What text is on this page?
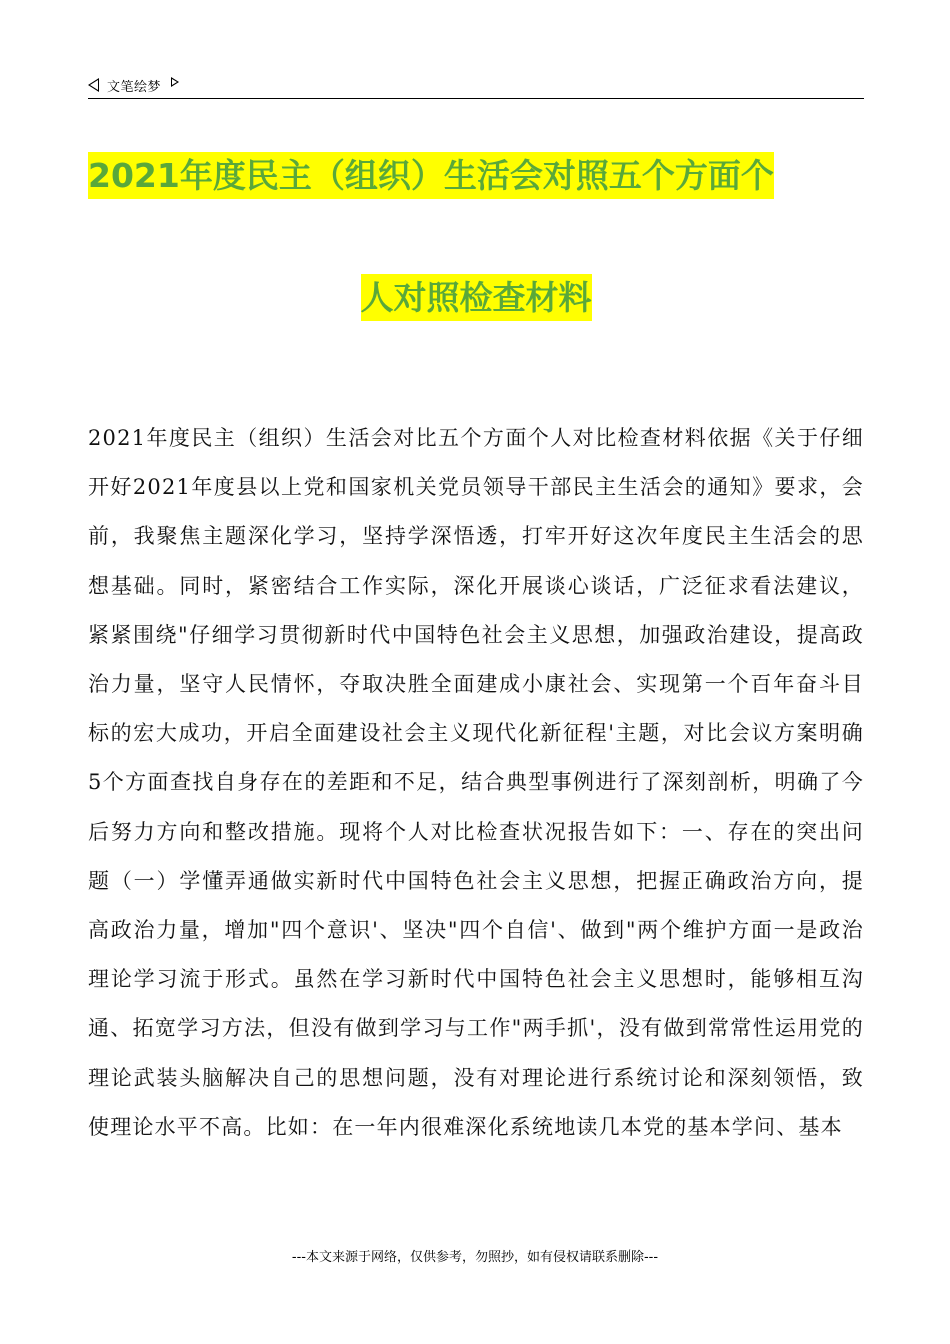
文笔绘梦
2021年度民主（组织）生活会对照五个方面个
人对照检查材料
2021年度民主（组织）生活会对比五个方面个人对比检查材料依据《关于仔细开好2021年度县以上党和国家机关党员领导干部民主生活会的通知》要求，会前，我聚焦主题深化学习，坚持学深悟透，打牢开好这次年度民主生活会的思想基础。同时，紧密结合工作实际，深化开展谈心谈话，广泛征求看法建议，紧紧围绕"仔细学习贯彻新时代中国特色社会主义思想，加强政治建设，提高政治力量，坚守人民情怀，夺取决胜全面建成小康社会、实现第一个百年奋斗目标的宏大成功，开启全面建设社会主义现代化新征程'主题，对比会议方案明确5个方面查找自身存在的差距和不足，结合典型事例进行了深刻剖析，明确了今后努力方向和整改措施。现将个人对比检查状况报告如下：一、存在的突出问题（一）学懂弄通做实新时代中国特色社会主义思想，把握正确政治方向，提高政治力量，增加"四个意识'、坚决"四个自信'、做到"两个维护方面一是政治理论学习流于形式。虽然在学习新时代中国特色社会主义思想时，能够相互沟通、拓宽学习方法，但没有做到学习与工作"两手抓'，没有做到常常性运用党的理论武装头脑解决自己的思想问题，没有对理论进行系统讨论和深刻领悟，致使理论水平不高。比如：在一年内很难深化系统地读几本党的基本学问、基本
---本文来源于网络，仅供参考，勿照抄，如有侵权请联系删除---
